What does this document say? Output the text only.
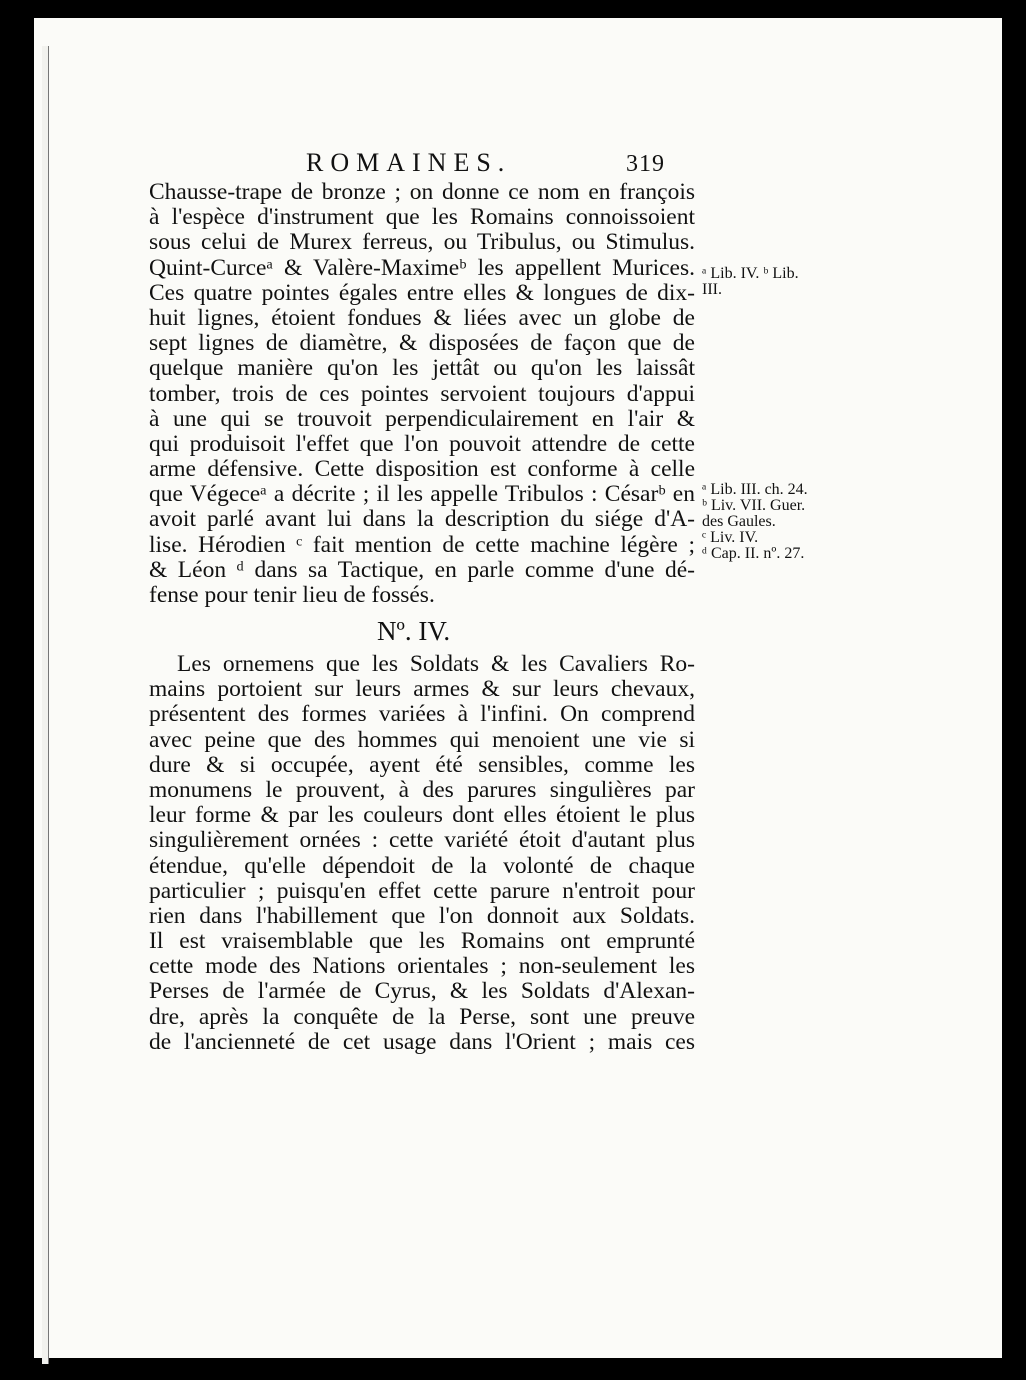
ROMAINES.	319
Chausse-trape de bronze ; on donne ce nom en françois
à l'espèce d'instrument que les Romains connoissoient
sous celui de Murex ferreus, ou Tribulus, ou Stimulus.
Quint-Curceᵃ & Valère-Maximeᵇ les appellent Murices.
Ces quatre pointes égales entre elles & longues de dix-
huit lignes, étoient fondues & liées avec un globe de
sept lignes de diamètre, & disposées de façon que de
quelque manière qu'on les jettât ou qu'on les laissât
tomber, trois de ces pointes servoient toujours d'appui
à une qui se trouvoit perpendiculairement en l'air &
qui produisoit l'effet que l'on pouvoit attendre de cette
arme défensive. Cette disposition est conforme à celle
que Végeceᵃ a décrite ; il les appelle Tribulos : Césarᵇ en
avoit parlé avant lui dans la description du siége d'A-
lise. Hérodien ᶜ fait mention de cette machine légère ;
& Léon ᵈ dans sa Tactique, en parle comme d'une dé-
fense pour tenir lieu de fossés.
Nº. IV.
Les ornemens que les Soldats & les Cavaliers Ro-
mains portoient sur leurs armes & sur leurs chevaux,
présentent des formes variées à l'infini. On comprend
avec peine que des hommes qui menoient une vie si
dure & si occupée, ayent été sensibles, comme les
monumens le prouvent, à des parures singulières par
leur forme & par les couleurs dont elles étoient le plus
singulièrement ornées : cette variété étoit d'autant plus
étendue, qu'elle dépendoit de la volonté de chaque
particulier ; puisqu'en effet cette parure n'entroit pour
rien dans l'habillement que l'on donnoit aux Soldats.
Il est vraisemblable que les Romains ont emprunté
cette mode des Nations orientales ; non-seulement les
Perses de l'armée de Cyrus, & les Soldats d'Alexan-
dre, après la conquête de la Perse, sont une preuve
de l'ancienneté de cet usage dans l'Orient ; mais ces
ᵃ Lib. IV. ᵇ Lib.
III.
ᵃ Lib. III. ch. 24.
ᵇ Liv. VII. Guer.
des Gaules.
ᶜ Liv. IV.
ᵈ Cap. II. nº. 27.
